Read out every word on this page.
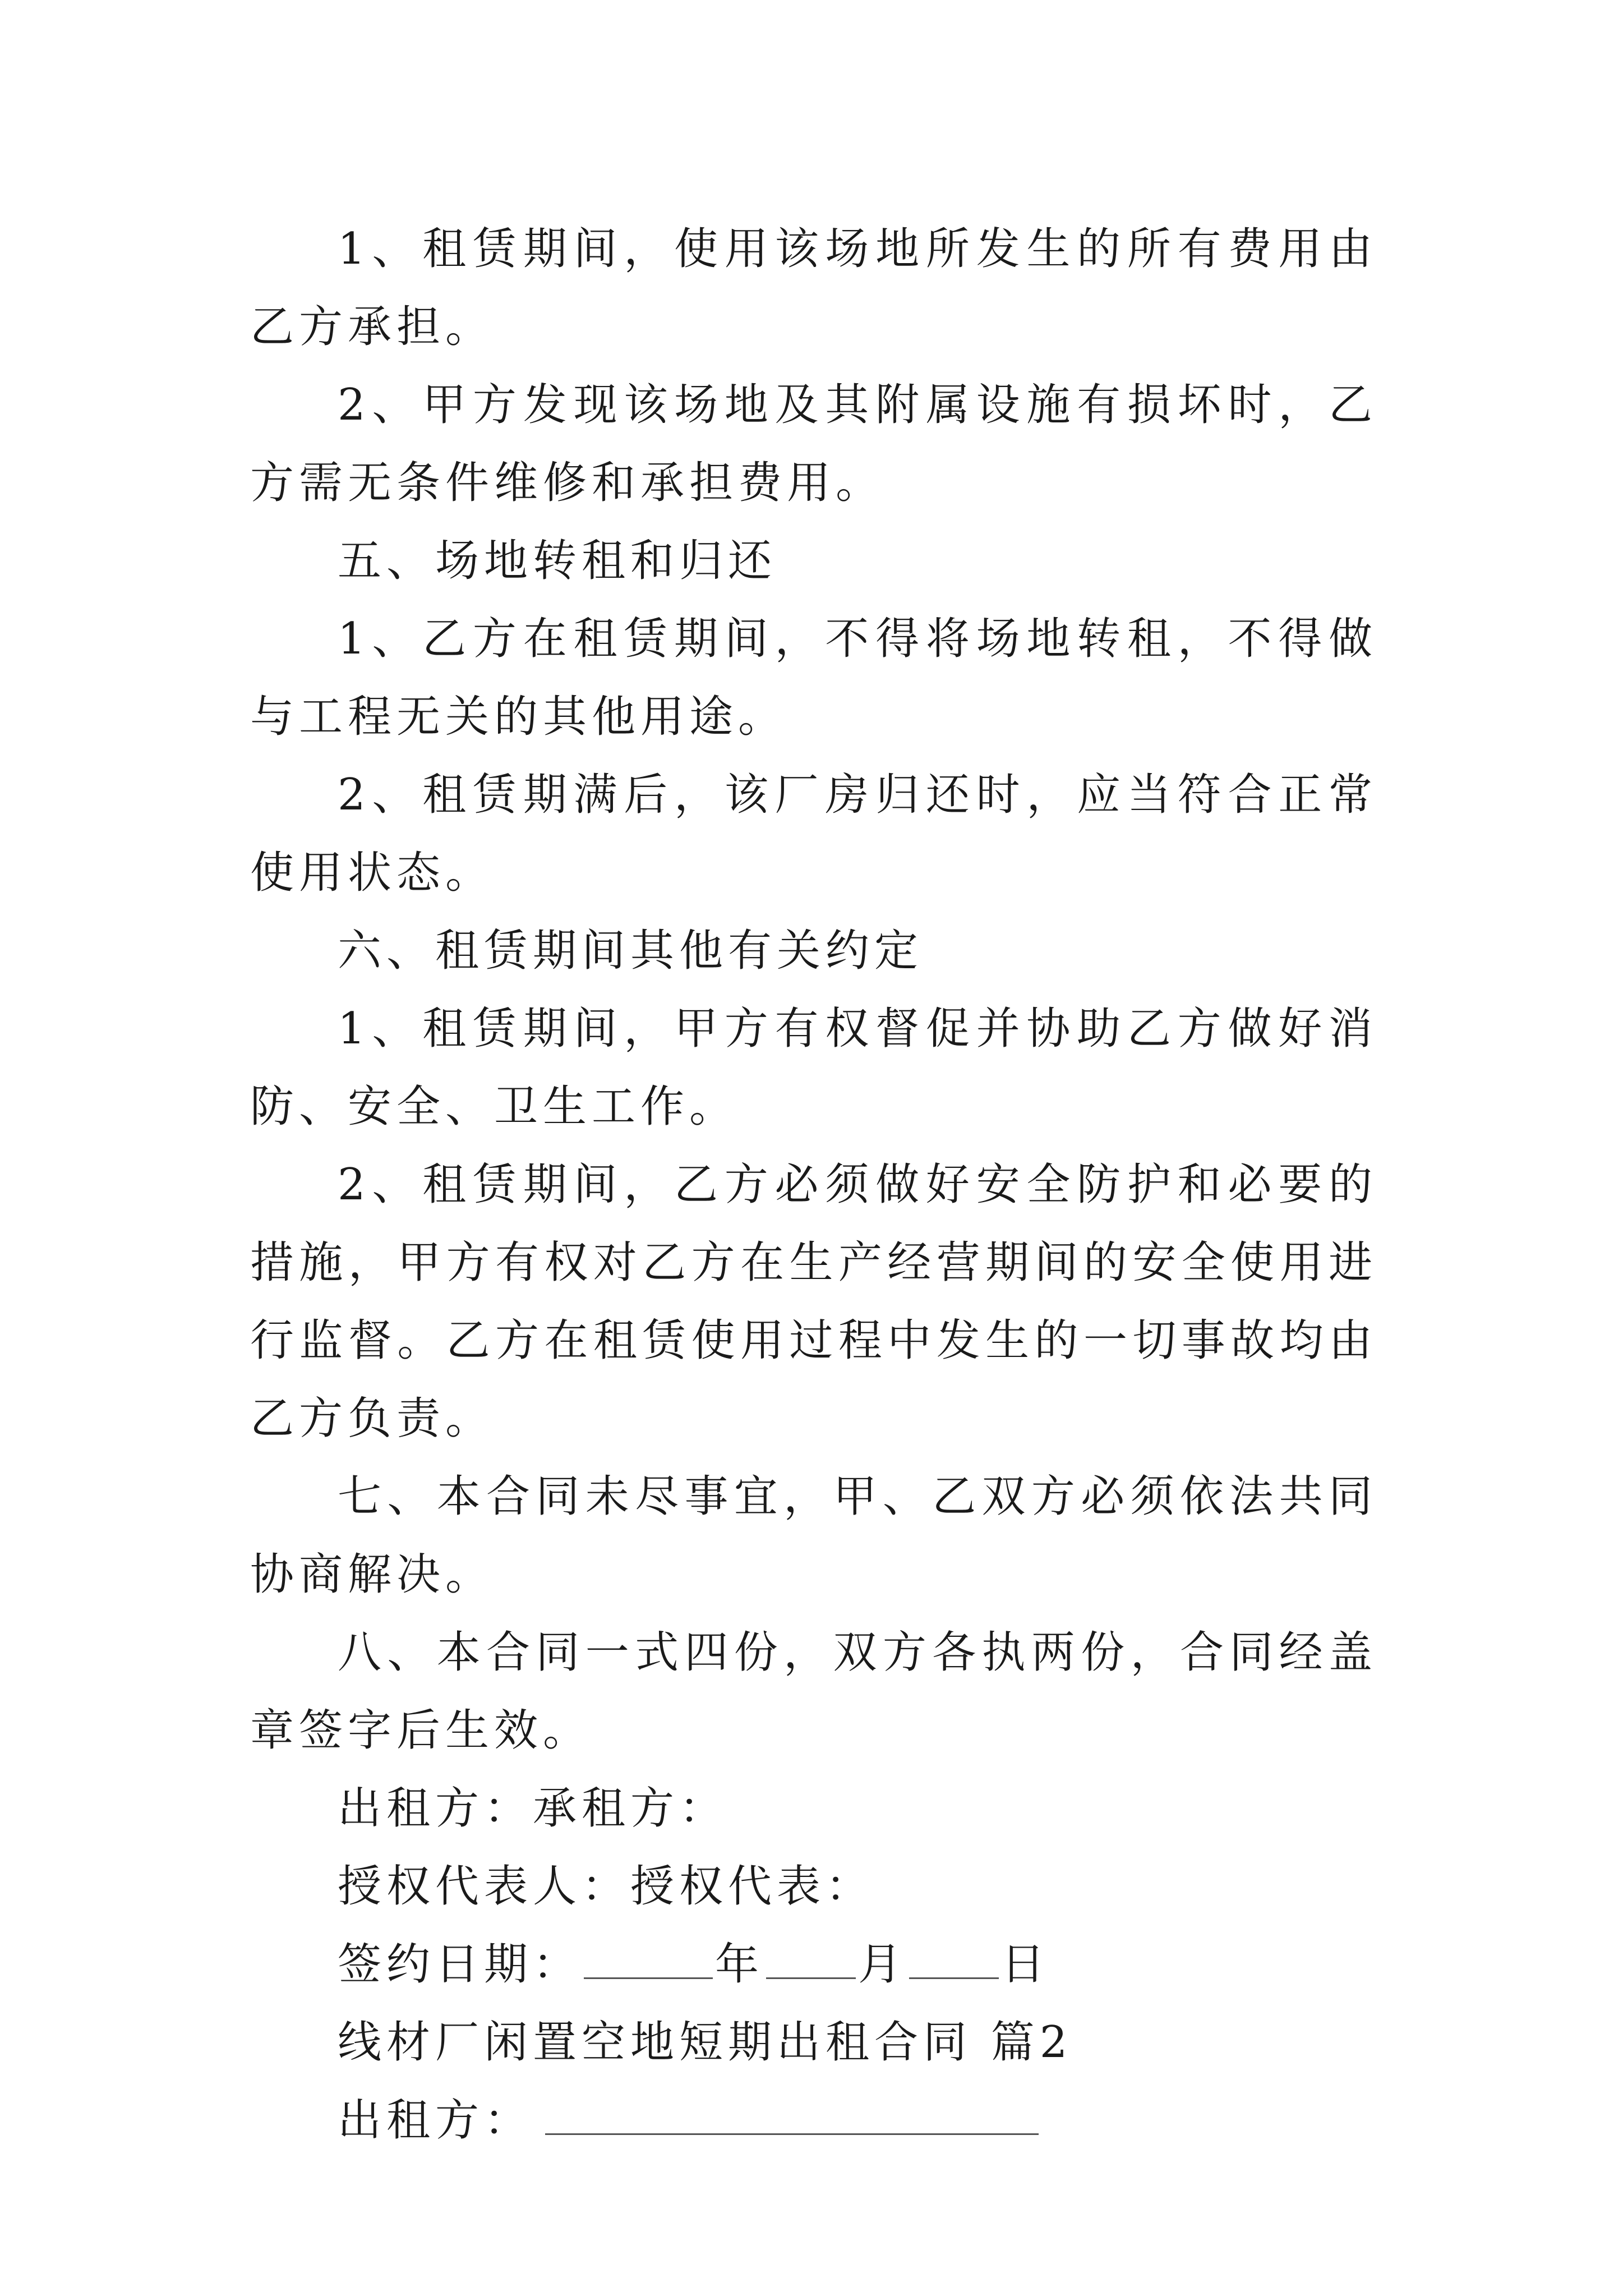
1、租赁期间，使用该场地所发生的所有费用由乙方承担。

2、甲方发现该场地及其附属设施有损坏时，乙方需无条件维修和承担费用。

五、场地转租和归还

1、乙方在租赁期间，不得将场地转租，不得做与工程无关的其他用途。

2、租赁期满后，该厂房归还时，应当符合正常使用状态。

六、租赁期间其他有关约定

1、租赁期间，甲方有权督促并协助乙方做好消防、安全、卫生工作。

2、租赁期间，乙方必须做好安全防护和必要的措施，甲方有权对乙方在生产经营期间的安全使用进行监督。乙方在租赁使用过程中发生的一切事故均由乙方负责。

七、本合同未尽事宜，甲、乙双方必须依法共同协商解决。

八、本合同一式四份，双方各执两份，合同经盖章签字后生效。

出租方：承租方：

授权代表人：授权代表：

签约日期：	年 月 日

线材厂闲置空地短期出租合同 篇2

出租方：
